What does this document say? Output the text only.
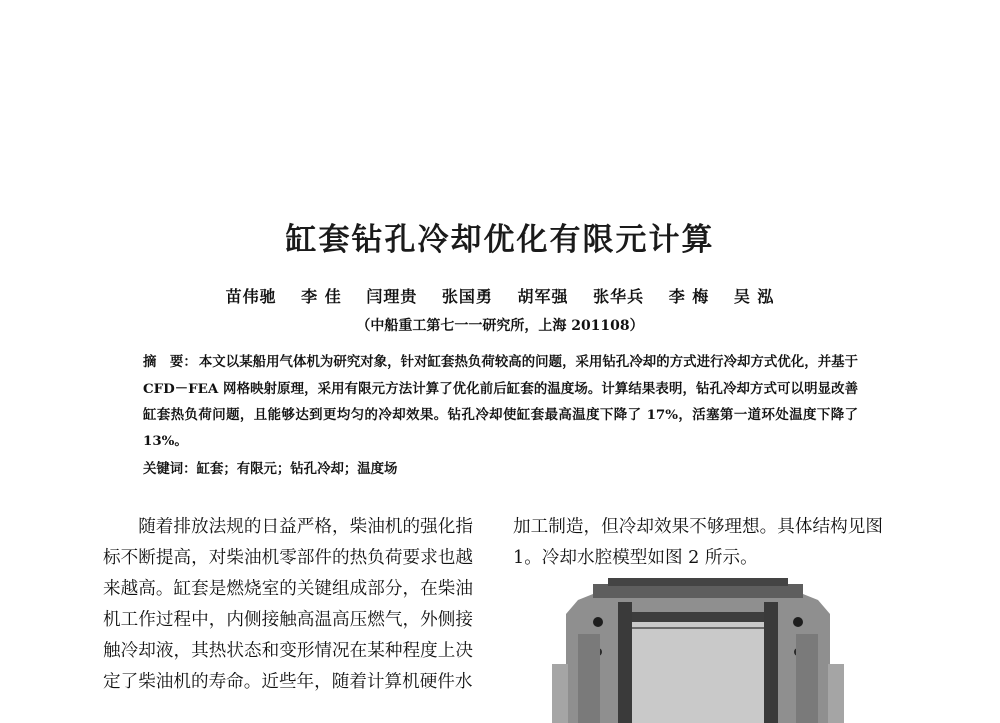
缸套钻孔冷却优化有限元计算
苗伟驰 李 佳 闫理贵 张国勇 胡军强 张华兵 李 梅 吴 泓
（中船重工第七一一研究所，上海 201108）
摘　要： 本文以某船用气体机为研究对象，针对缸套热负荷较高的问题，采用钻孔冷却的方式进行冷却方式优化，并基于 CFD－FEA 网格映射原理，采用有限元方法计算了优化前后缸套的温度场。计算结果表明，钻孔冷却方式可以明显改善缸套热负荷问题，且能够达到更均匀的冷却效果。钻孔冷却使缸套最高温度下降了 17%，活塞第一道环处温度下降了 13%。
关键词：缸套；有限元；钻孔冷却；温度场
随着排放法规的日益严格，柴油机的强化指标不断提高，对柴油机零部件的热负荷要求也越来越高。缸套是燃烧室的关键组成部分，在柴油机工作过程中，内侧接触高温高压燃气，外侧接触冷却液，其热状态和变形情况在某种程度上决定了柴油机的寿命。近些年，随着计算机硬件水
加工制造，但冷却效果不够理想。具体结构见图 1。冷却水腔模型如图 2 所示。
